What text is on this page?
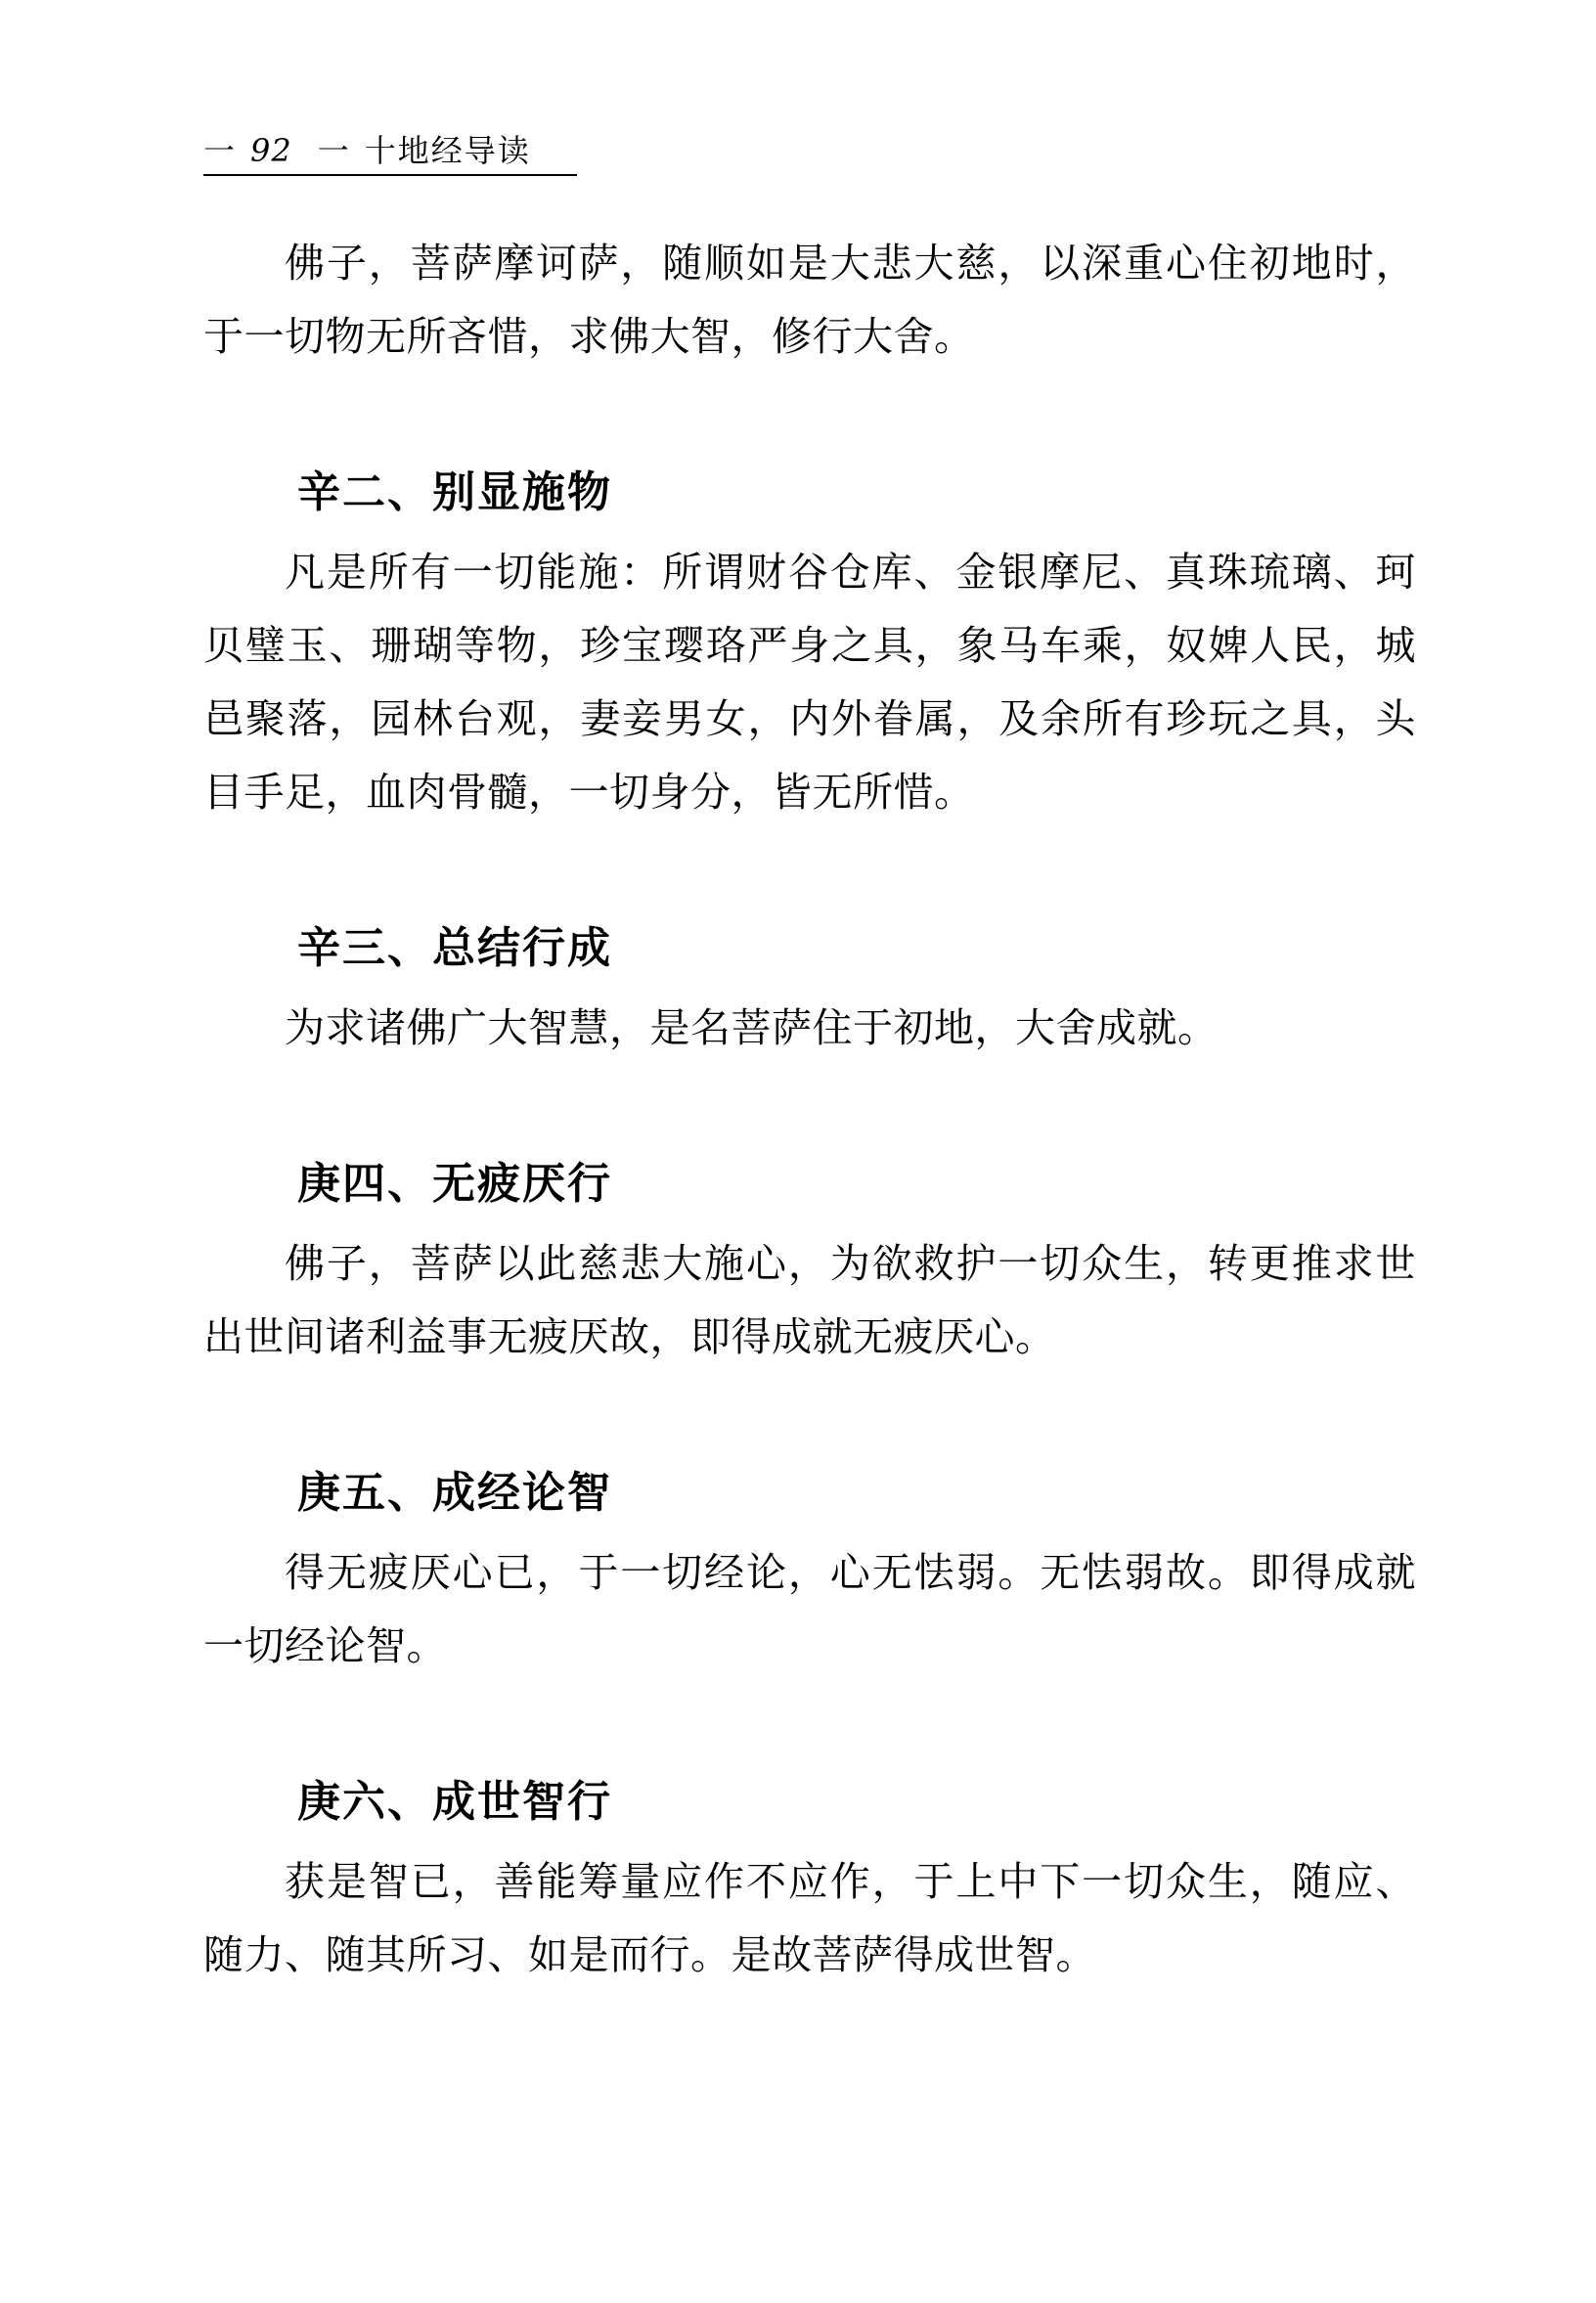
一 92 一 十地经导读

佛子，菩萨摩诃萨，随顺如是大悲大慈，以深重心住初地时，于一切物无所吝惜，求佛大智，修行大舍。

辛二、别显施物

凡是所有一切能施：所谓财谷仓库、金银摩尼、真珠琉璃、珂贝璧玉、珊瑚等物，珍宝璎珞严身之具，象马车乘，奴婢人民，城邑聚落，园林台观，妻妾男女，内外眷属，及余所有珍玩之具，头目手足，血肉骨髓，一切身分，皆无所惜。

辛三、总结行成

为求诸佛广大智慧，是名菩萨住于初地，大舍成就。

庚四、无疲厌行

佛子，菩萨以此慈悲大施心，为欲救护一切众生，转更推求世出世间诸利益事无疲厌故，即得成就无疲厌心。

庚五、成经论智

得无疲厌心已，于一切经论，心无怯弱。无怯弱故。即得成就一切经论智。

庚六、成世智行

获是智已，善能筹量应作不应作，于上中下一切众生，随应、随力、随其所习、如是而行。是故菩萨得成世智。
